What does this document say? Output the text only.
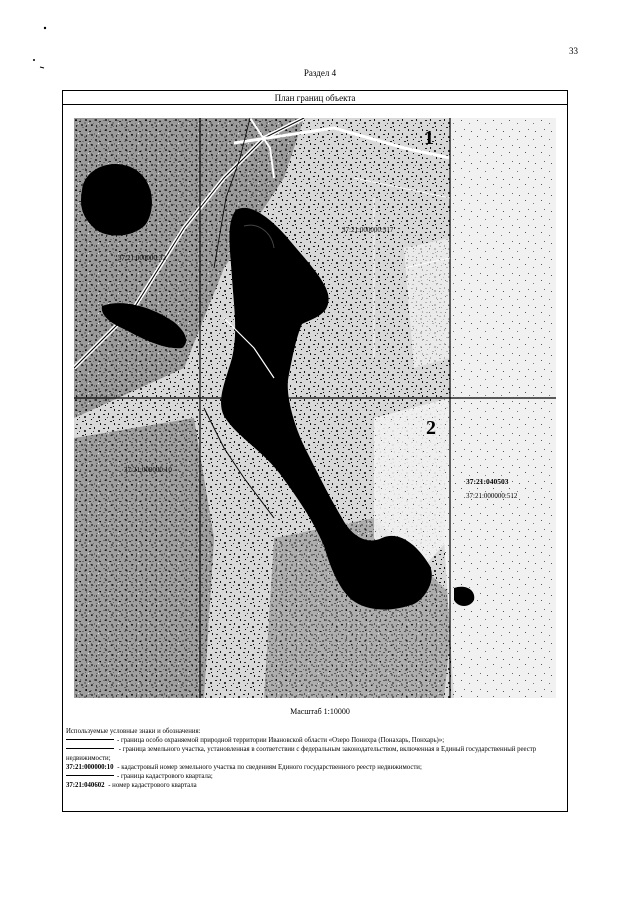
33
Раздел 4
План границ объекта
1
2
37:21:000000:517
37:21:000000:32
37:21:000000:10
37:21:040503
37:21:000000:512
Масштаб 1:10000
Используемые условные знаки и обозначения:
- граница особо охраняемой природной территории Ивановской области «Озеро Понихра (Понахарь, Понхарь)»;
- граница земельного участка, установленная в соответствии с федеральным законодательством, включенная в Единый государственный реестр недвижимости;
37:21:000000:10 - кадастровый номер земельного участка по сведениям Единого государственного реестр недвижимости;
- граница кадастрового квартала;
37:21:040602 - номер кадастрового квартала
